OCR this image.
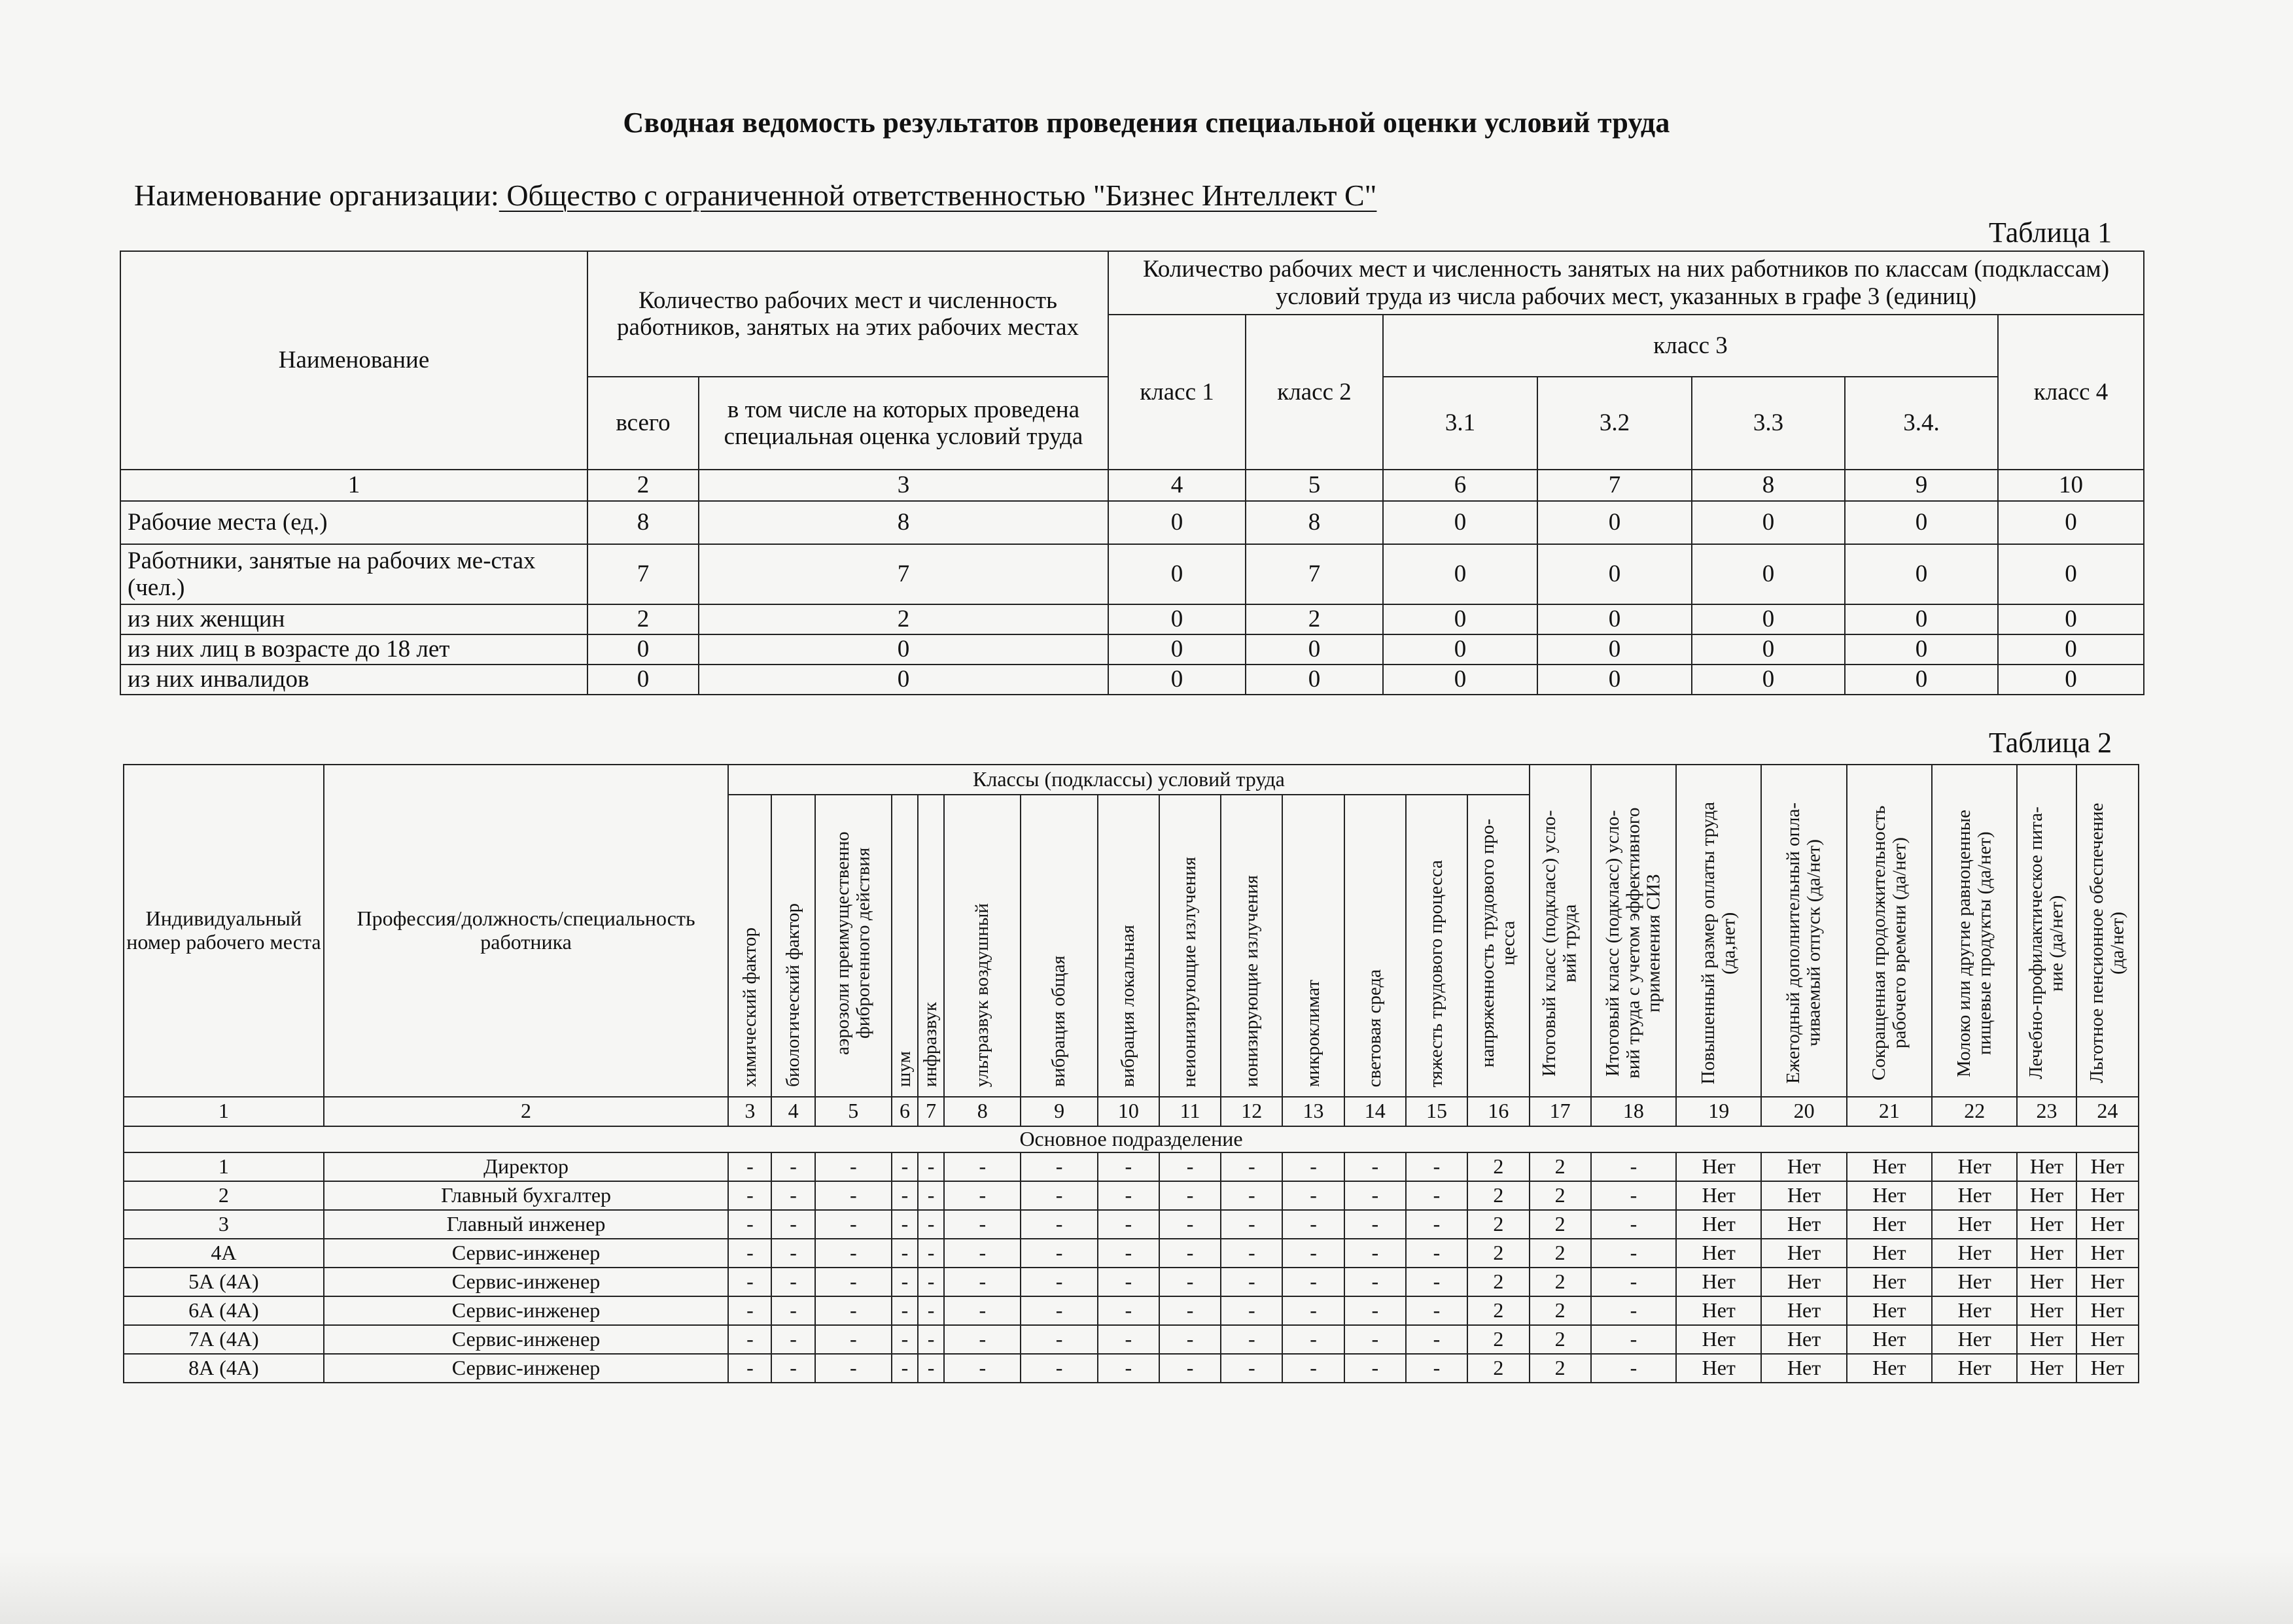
Сводная ведомость результатов проведения специальной оценки условий труда
Наименование организации: Общество с ограниченной ответственностью "Бизнес Интеллект С"
Таблица 1
Наименование	Количество рабочих мест и численность работников, занятых на этих рабочих местах		Количество рабочих мест и численность занятых на них работников по классам (подклассам) условий труда из числа рабочих мест, указанных в графе 3 (единиц)						
			класс 1	класс 2	класс 3				класс 4
	всего	в том числе на которых проведена специальная оценка условий труда			3.1	3.2	3.3	3.4.	
1	2	3	4	5	6	7	8	9	10
Рабочие места (ед.)	8	8	0	8	0	0	0	0	0
Работники, занятые на рабочих ме-стах (чел.)	7	7	0	7	0	0	0	0	0
из них женщин	2	2	0	2	0	0	0	0	0
из них лиц в возрасте до 18 лет	0	0	0	0	0	0	0	0	0
из них инвалидов	0	0	0	0	0	0	0	0	0
Таблица 2
Индивидуальный номер рабочего места	Профессия/должность/специальность работника	Классы (подклассы) условий труда														Итоговый класс (подкласс) усло-вий труда	Итоговый класс (подкласс) усло-вий труда с учетом эффективного применения СИЗ	Повышенный размер оплаты труда (да,нет)	Ежегодный дополнительный опла-чиваемый отпуск (да/нет)	Сокращенная продолжительность рабочего времени (да/нет)	Молоко или другие равноценные пищевые продукты (да/нет)	Лечебно-профилактическое пита-ние (да/нет)	Льготное пенсионное обеспечение (да/нет)
		химический фактор	биологический фактор	аэрозоли преимущественно фиброгенного действия	шум	инфразвук	ультразвук воздушный	вибрация общая	вибрация локальная	неионизирующие излучения	ионизирующие излучения	микроклимат	световая среда	тяжесть трудового процесса	напряженность трудового про-цесса								
1	2	3	4	5	6	7	8	9	10	11	12	13	14	15	16	17	18	19	20	21	22	23	24
Основное подразделение																							
1	Директор	-	-	-	-	-	-	-	-	-	-	-	-	-	2	2	-	Нет	Нет	Нет	Нет	Нет	Нет
2	Главный бухгалтер	-	-	-	-	-	-	-	-	-	-	-	-	-	2	2	-	Нет	Нет	Нет	Нет	Нет	Нет
3	Главный инженер	-	-	-	-	-	-	-	-	-	-	-	-	-	2	2	-	Нет	Нет	Нет	Нет	Нет	Нет
4А	Сервис-инженер	-	-	-	-	-	-	-	-	-	-	-	-	-	2	2	-	Нет	Нет	Нет	Нет	Нет	Нет
5А (4А)	Сервис-инженер	-	-	-	-	-	-	-	-	-	-	-	-	-	2	2	-	Нет	Нет	Нет	Нет	Нет	Нет
6А (4А)	Сервис-инженер	-	-	-	-	-	-	-	-	-	-	-	-	-	2	2	-	Нет	Нет	Нет	Нет	Нет	Нет
7А (4А)	Сервис-инженер	-	-	-	-	-	-	-	-	-	-	-	-	-	2	2	-	Нет	Нет	Нет	Нет	Нет	Нет
8А (4А)	Сервис-инженер	-	-	-	-	-	-	-	-	-	-	-	-	-	2	2	-	Нет	Нет	Нет	Нет	Нет	Нет
